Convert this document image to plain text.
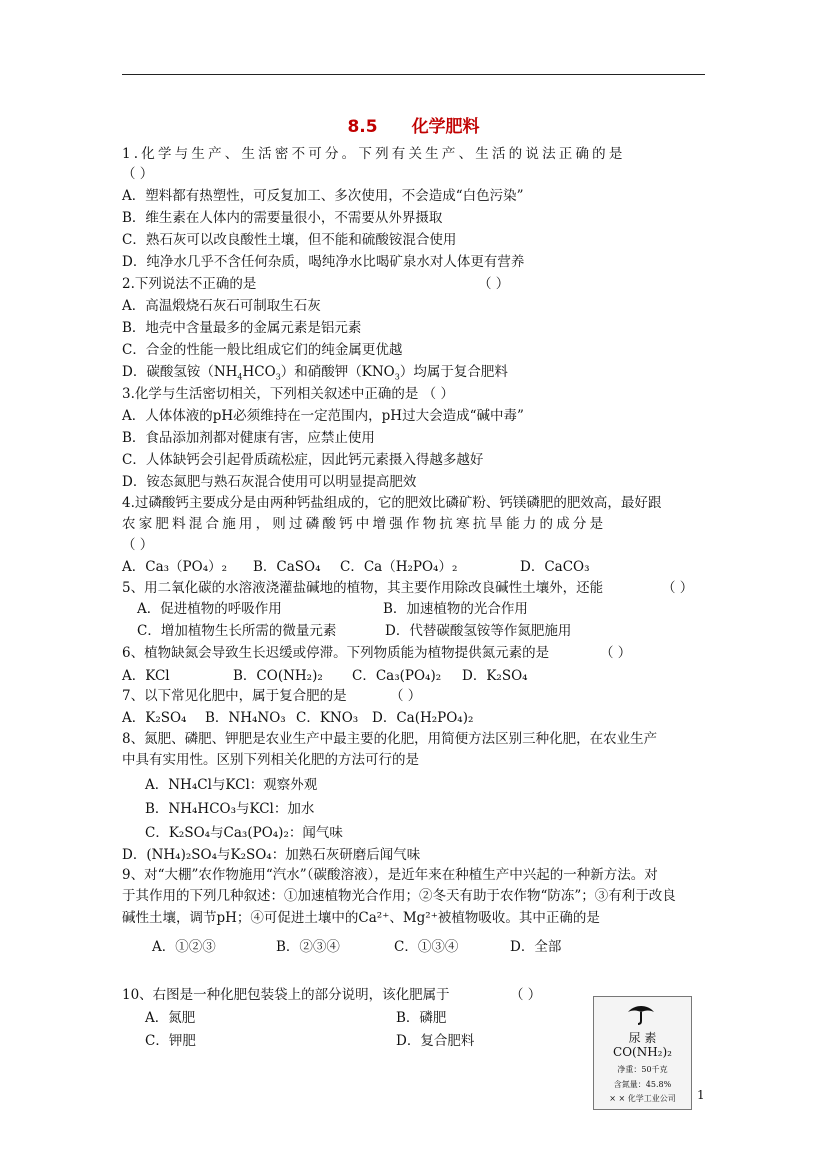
8.5 化学肥料
1.化学与生产、生活密不可分。下列有关生产、生活的说法正确的是
（ ）
A．塑料都有热塑性，可反复加工、多次使用，不会造成“白色污染”
B．维生素在人体内的需要量很小，不需要从外界摄取
C．熟石灰可以改良酸性土壤，但不能和硫酸铵混合使用
D．纯净水几乎不含任何杂质，喝纯净水比喝矿泉水对人体更有营养
2.下列说法不正确的是	（ ）
A．高温煅烧石灰石可制取生石灰
B．地壳中含量最多的金属元素是铝元素
C．合金的性能一般比组成它们的纯金属更优越
D．碳酸氢铵$(NH_4HCO_3)$和硝酸钾$(KNO_3)$均属于复合肥料
3.化学与生活密切相关，下列相关叙述中正确的是 （ ）
A．人体体液的pH必须维持在一定范围内，pH过大会造成“碱中毒”
B．食品添加剂都对健康有害，应禁止使用
C．人体缺钙会引起骨质疏松症，因此钙元素摄入得越多越好
D．铵态氮肥与熟石灰混合使用可以明显提高肥效
4.过磷酸钙主要成分是由两种钙盐组成的，它的肥效比磷矿粉、钙镁磷肥的肥效高，最好跟
农家肥料混合施用，则过磷酸钙中增强作物抗寒抗旱能力的成分是
（ ）
A．Ca₃（PO₄）₂ B．CaSO₄ C．Ca（H₂PO₄）₂	D．CaCO₃
5、用二氧化碳的水溶液浇灌盐碱地的植物，其主要作用除改良碱性土壤外，还能	（ ）
A．促进植物的呼吸作用	B．加速植物的光合作用
C．增加植物生长所需的微量元素	D．代替碳酸氢铵等作氮肥施用
6、植物缺氮会导致生长迟缓或停滞。下列物质能为植物提供氮元素的是	（ ）
A．KCl	B．CO(NH₂)₂ C．Ca₃(PO₄)₂ D．K₂SO₄
7、以下常见化肥中，属于复合肥的是	（ ）
A．K₂SO₄ B．NH₄NO₃ C．KNO₃ D．Ca(H₂PO₄)₂
8、氮肥、磷肥、钾肥是农业生产中最主要的化肥，用简便方法区别三种化肥，在农业生产
中具有实用性。区别下列相关化肥的方法可行的是
A．NH₄Cl与KCl：观察外观
B．NH₄HCO₃与KCl：加水
C．K₂SO₄与Ca₃(PO₄)₂：闻气味
D．(NH₄)₂SO₄与K₂SO₄：加熟石灰研磨后闻气味
9、对“大棚”农作物施用“汽水”（碳酸溶液），是近年来在种植生产中兴起的一种新方法。对
于其作用的下列几种叙述：①加速植物光合作用；②冬天有助于农作物“防冻”；③有利于改良
碱性土壤，调节pH；④可促进土壤中的Ca²⁺、Mg²⁺被植物吸收。其中正确的是
A．①②③	B．②③④	C．①③④	D．全部
10、右图是一种化肥包装袋上的部分说明，该化肥属于	（ ）
A．氮肥	B．磷肥
C．钾肥	D．复合肥料	尿 素
CO(NH₂)₂
净重：50千克
含氮量：45.8%
× × 化学工业公司	1
